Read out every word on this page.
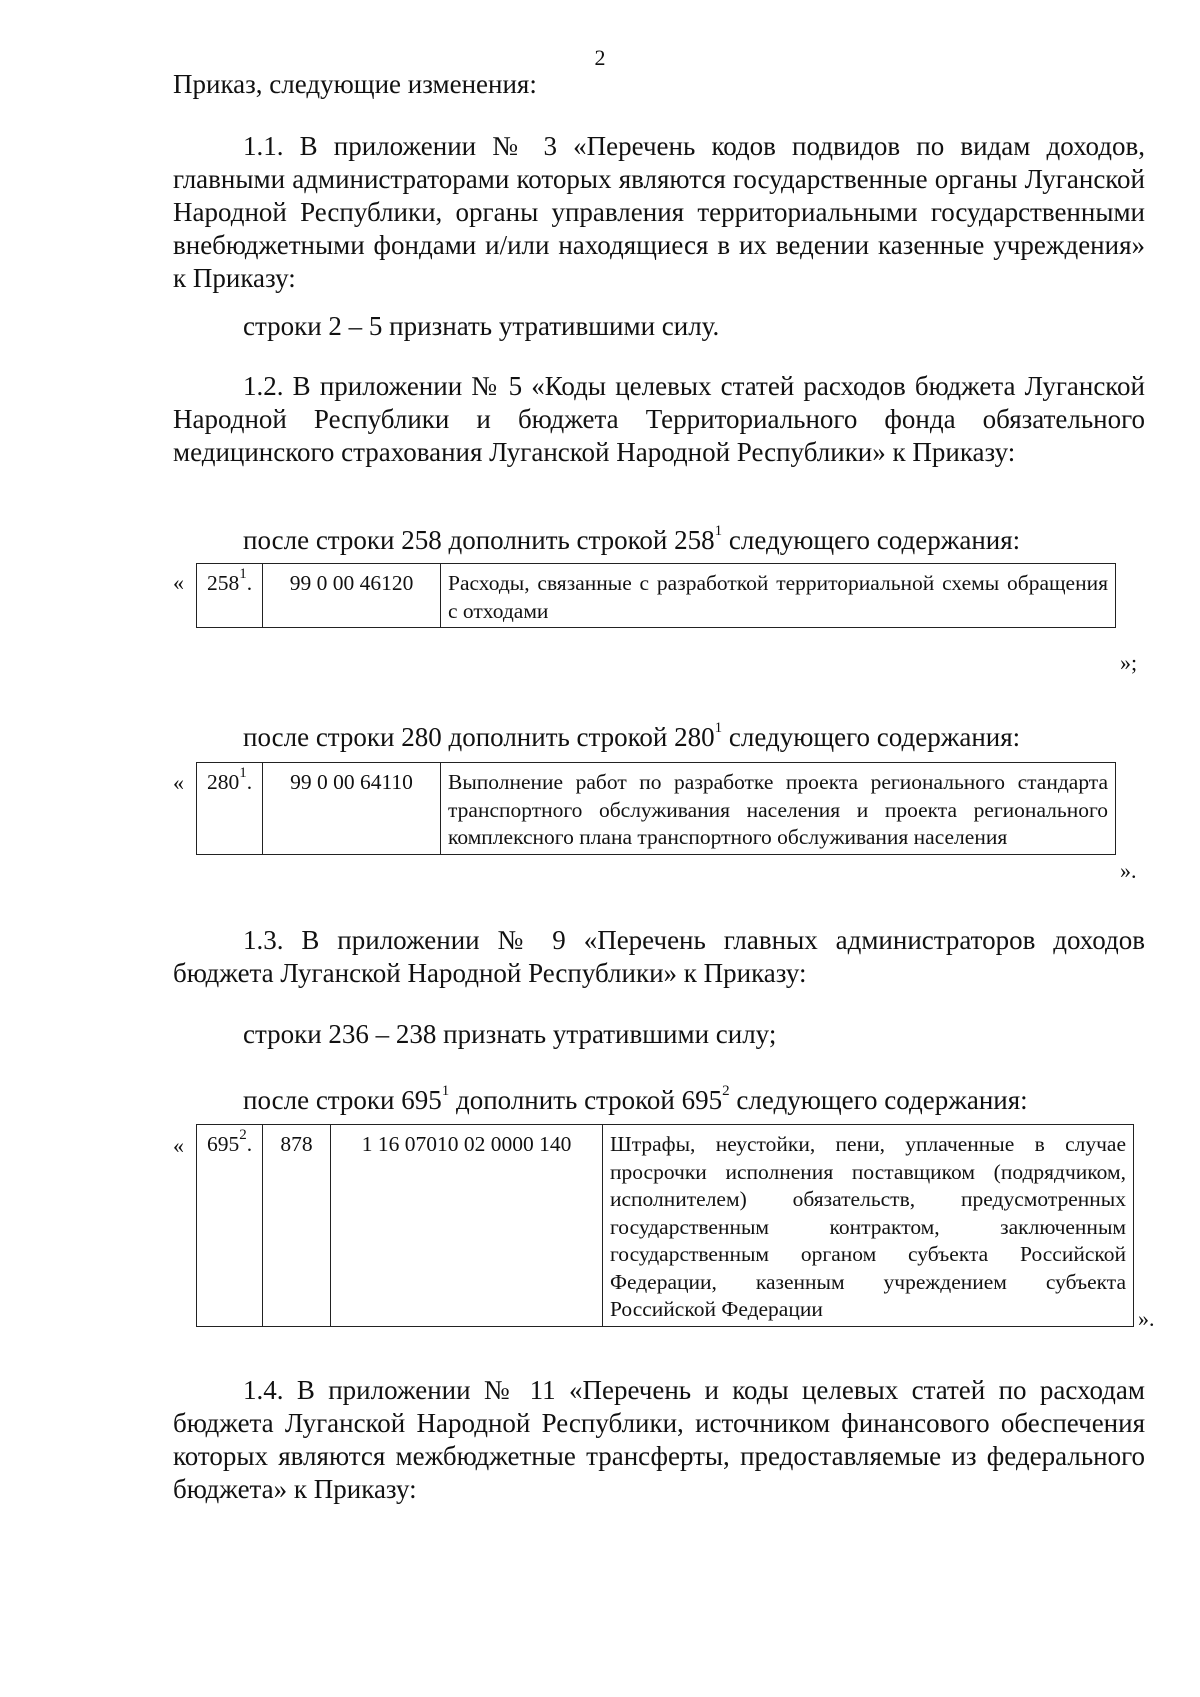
2

Приказ, следующие изменения:

1.1. В приложении № 3 «Перечень кодов подвидов по видам доходов, главными администраторами которых являются государственные органы Луганской Народной Республики, органы управления территориальными государственными внебюджетными фондами и/или находящиеся в их ведении казенные учреждения» к Приказу:

строки 2 – 5 признать утратившими силу.

1.2. В приложении № 5 «Коды целевых статей расходов бюджета Луганской Народной Республики и бюджета Территориального фонда обязательного медицинского страхования Луганской Народной Республики» к Приказу:

после строки 258 дополнить строкой $258^1$ следующего содержания:

« $258^1$.	99 0 00 46120	Расходы, связанные с разработкой территориальной схемы обращения с отходами
»;

после строки 280 дополнить строкой $280^1$ следующего содержания:

« $280^1$.	99 0 00 64110	Выполнение работ по разработке проекта регионального стандарта транспортного обслуживания населения и проекта регионального комплексного плана транспортного обслуживания населения
».

1.3. В приложении № 9 «Перечень главных администраторов доходов бюджета Луганской Народной Республики» к Приказу:

строки 236 – 238 признать утратившими силу;

после строки $695^1$ дополнить строкой $695^2$ следующего содержания:

« $695^2$.	878	1 16 07010 02 0000 140	Штрафы, неустойки, пени, уплаченные в случае просрочки исполнения поставщиком (подрядчиком, исполнителем) обязательств, предусмотренных государственным контрактом, заключенным государственным органом субъекта Российской Федерации, казенным учреждением субъекта Российской Федерации	».

1.4. В приложении № 11 «Перечень и коды целевых статей по расходам бюджета Луганской Народной Республики, источником финансового обеспечения которых являются межбюджетные трансферты, предоставляемые из федерального бюджета» к Приказу:
